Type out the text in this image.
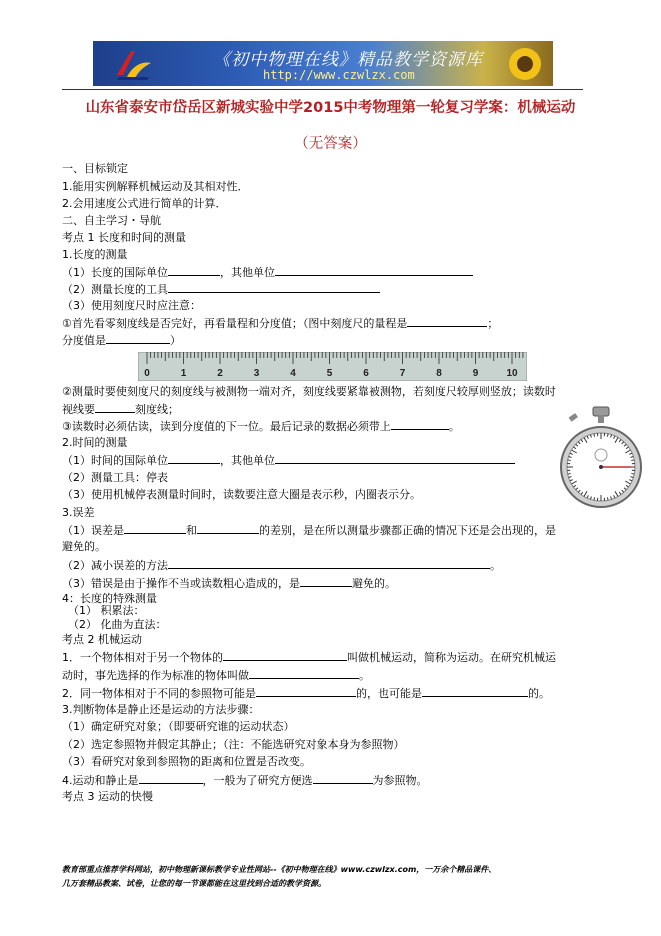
《初中物理在线》精品教学资源库
http://www.czwlzx.com
山东省泰安市岱岳区新城实验中学2015中考物理第一轮复习学案：机械运动
（无答案）
一、目标锁定
1.能用实例解释机械运动及其相对性．
2.会用速度公式进行简单的计算．
二、自主学习・导航
考点 1 长度和时间的测量
1.长度的测量
（1）长度的国际单位	，其他单位
（2）测量长度的工具
（3）使用刻度尺时应注意：
①首先看零刻度线是否完好，再看量程和分度值；（图中刻度尺的量程是	；
分度值是	）
0	1	2	3	4	5	6	7	8	9	10
②测量时要使刻度尺的刻度线与被测物一端对齐，刻度线要紧靠被测物，若刻度尺较厚则竖放；读数时
视线要	刻度线；
③读数时必须估读，读到分度值的下一位。最后记录的数据必须带上	。
2.时间的测量
（1）时间的国际单位	，其他单位
（2）测量工具：停表
（3）使用机械停表测量时间时，读数要注意大圈是表示秒，内圈表示分。
3.误差
（1）误差是	和	的差别，是在所以测量步骤都正确的情况下还是会出现的，是
避免的。
（2）减小误差的方法	。
（3）错误是由于操作不当或读数粗心造成的，是	避免的。
4：长度的特殊测量
（1） 积累法：
（2） 化曲为直法：
考点 2 机械运动
1．一个物体相对于另一个物体的	叫做机械运动，简称为运动。在研究机械运
动时，事先选择的作为标准的物体叫做	。
2．同一物体相对于不同的参照物可能是	的，也可能是	的。
3.判断物体是静止还是运动的方法步骤：
（1）确定研究对象；（即要研究谁的运动状态）
（2）选定参照物并假定其静止；（注：不能选研究对象本身为参照物）
（3）看研究对象到参照物的距离和位置是否改变。
4.运动和静止是	，一般为了研究方便选	为参照物。
考点 3 运动的快慢
教育部重点推荐学科网站，初中物理新课标教学专业性网站--《初中物理在线》www.czwlzx.com，一万余个精品课件、
几万套精品教案、试卷，让您的每一节课都能在这里找到合适的教学资源。
